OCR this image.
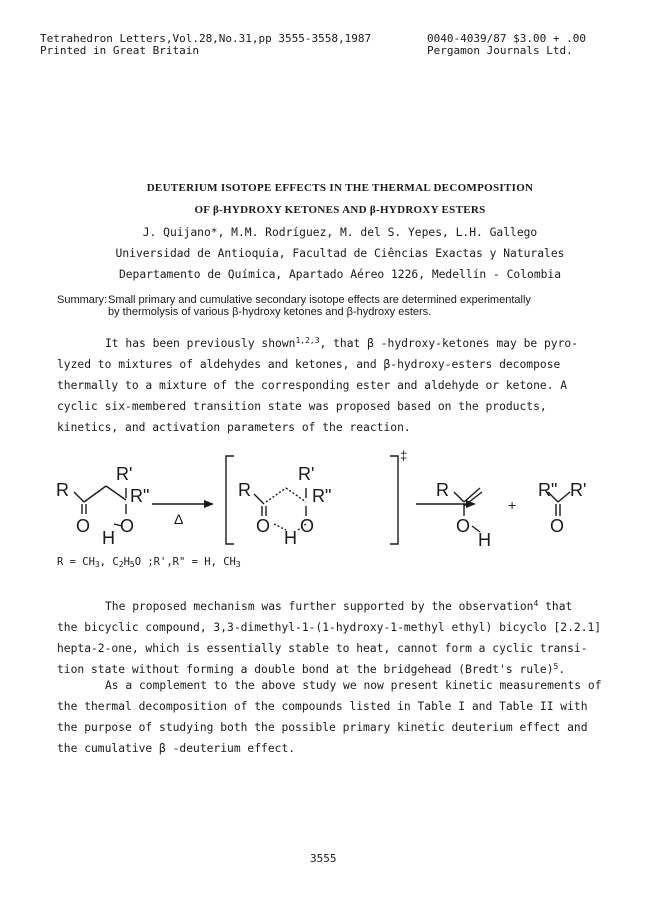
Tetrahedron Letters,Vol.28,No.31,pp 3555-3558,1987
Printed in Great Britain
0040-4039/87 $3.00 + .00
Pergamon Journals Ltd.
DEUTERIUM ISOTOPE EFFECTS IN THE THERMAL DECOMPOSITION
OF β-HYDROXY KETONES AND β-HYDROXY ESTERS
J. Quijano*, M.M. Rodríguez, M. del S. Yepes, L.H. Gallego
Universidad de Antioquia, Facultad de Ciências Exactas y Naturales
Departamento de Química, Apartado Aéreo 1226, Medellín - Colombia
Summary: Small primary and cumulative secondary isotope effects are determined experimentally
by thermolysis of various β-hydroxy ketones and β-hydroxy esters.
It has been previously shown$^{1,2,3}$, that β -hydroxy-ketones may be pyro-
lyzed to mixtures of aldehydes and ketones, and β-hydroxy-esters decompose
thermally to a mixture of the corresponding ester and aldehyde or ketone. A
cyclic six-membered transition state was proposed based on the products,
kinetics, and activation parameters of the reaction.
R
R'
R"
O O
H
Δ
R
R'
R"
O O
H
‡
R
O
H
+
R" R'
O
$R = CH_3$, $C_2H_5O$ ;R',R" = H, $CH_3$
The proposed mechanism was further supported by the observation$^4$ that
the bicyclic compound, 3,3-dimethyl-1-(1-hydroxy-1-methyl ethyl) bicyclo [2.2.1]
hepta-2-one, which is essentially stable to heat, cannot form a cyclic transi-
tion state without forming a double bond at the bridgehead (Bredt's rule)$^5$.
As a complement to the above study we now present kinetic measurements of
the thermal decomposition of the compounds listed in Table I and Table II with
the purpose of studying both the possible primary kinetic deuterium effect and
the cumulative β -deuterium effect.
3555
